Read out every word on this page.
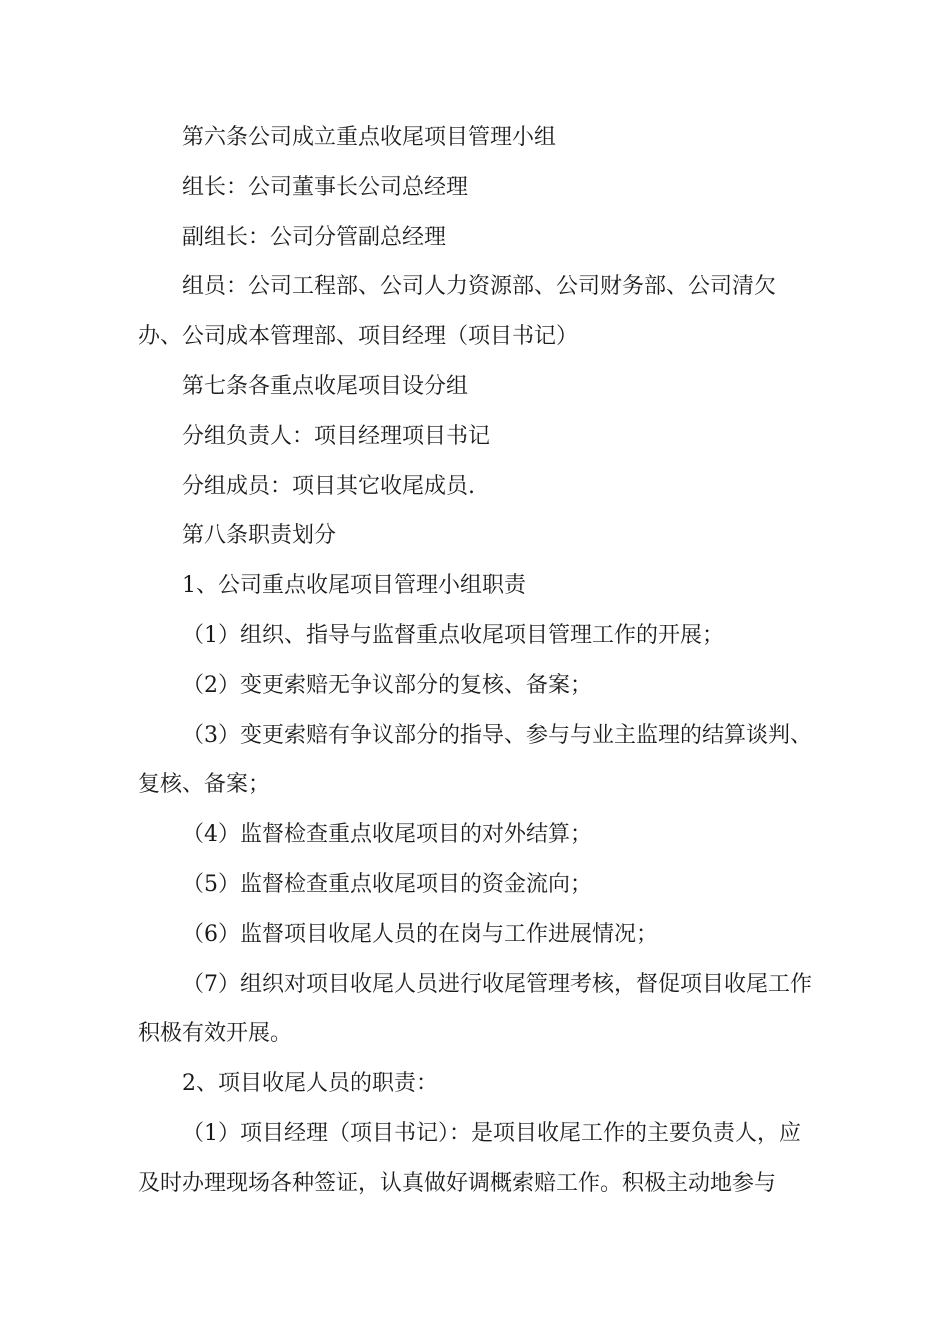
第六条公司成立重点收尾项目管理小组

组长：公司董事长公司总经理

副组长：公司分管副总经理

组员：公司工程部、公司人力资源部、公司财务部、公司清欠办、公司成本管理部、项目经理（项目书记）

第七条各重点收尾项目设分组

分组负责人：项目经理项目书记

分组成员：项目其它收尾成员.

第八条职责划分

1、公司重点收尾项目管理小组职责

（1）组织、指导与监督重点收尾项目管理工作的开展；

（2）变更索赔无争议部分的复核、备案；

（3）变更索赔有争议部分的指导、参与与业主监理的结算谈判、复核、备案；

（4）监督检查重点收尾项目的对外结算；

（5）监督检查重点收尾项目的资金流向；

（6）监督项目收尾人员的在岗与工作进展情况；

（7）组织对项目收尾人员进行收尾管理考核，督促项目收尾工作积极有效开展。

2、项目收尾人员的职责：

（1）项目经理（项目书记）：是项目收尾工作的主要负责人，应及时办理现场各种签证，认真做好调概索赔工作。积极主动地参与
